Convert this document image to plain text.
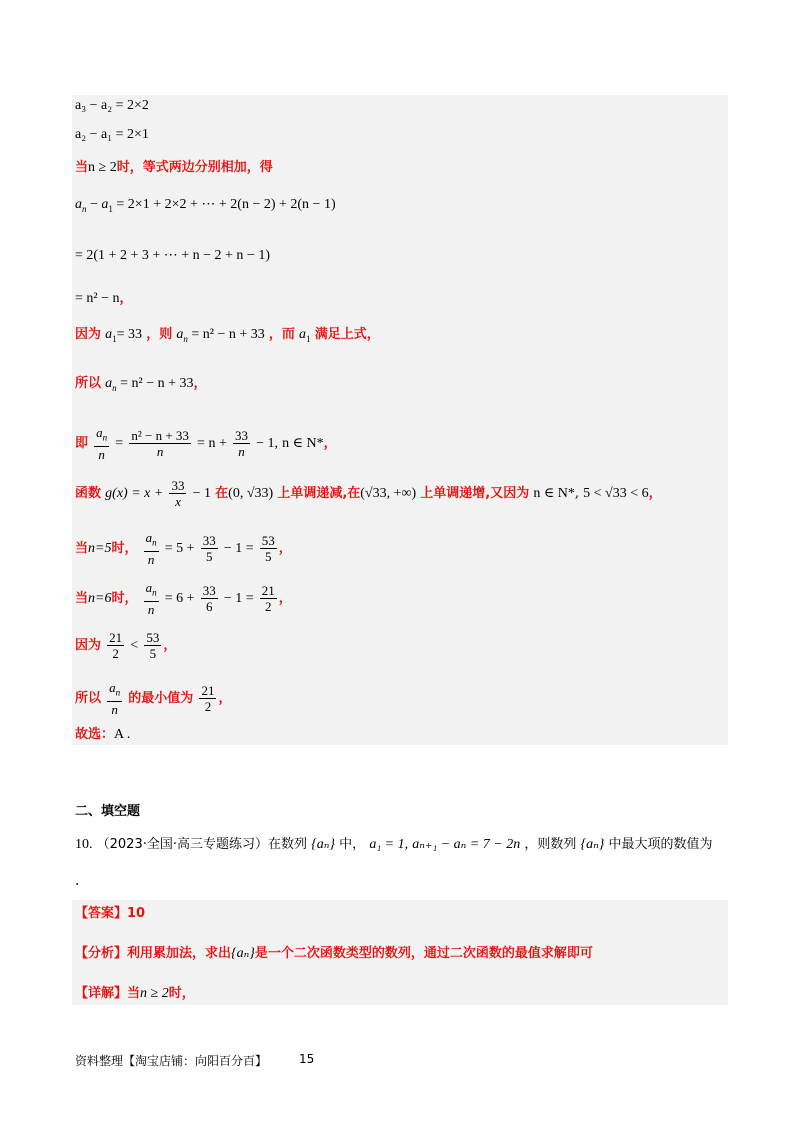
a₃ − a₂ = 2×2
a₂ − a₁ = 2×1
当n ≥ 2时，等式两边分别相加，得
$a_n - a_1 = 2\times 1 + 2\times 2$ + ⋯ + 2(n − 2) + 2(n − 1)
= 2(1 + 2 + 3 + ⋯ + n − 2 + n − 1)
= n² − n，
因为 $a_1= 33$ ，则 $a_n = n^2 - n + 33$ ，而 $a_1$ 满足上式，
所以 $a_n = n^2 - n + 33$，
即 $\frac{a_n}{n} = \frac{\text{n² − n + 33}}{n} = n + \frac{33}{n} - 1$, n ∈ N*，
函数 $g(x) = x + \frac{33}{x} - 1$ 在(0, √33) 上单调递减,在(√33, +∞) 上单调递增,又因为 n ∈ N*, 5 < √33 < 6，
当n=5时， $\frac{a_n}{n} = 5 + \frac{33}{5} - 1 = \frac{53}{5}$ ，
当n=6时， $\frac{a_n}{n} = 6 + \frac{33}{6} - 1 = \frac{21}{2}$ ，
因为 $\frac{21}{2} < \frac{53}{5}$ ，
所以 $\frac{a_n}{n}$ 的最小值为 $\frac{21}{2}$ ，
故选：A .
二、填空题
10. （2023·全国·高三专题练习）在数列 {aₙ} 中， a₁ = 1, aₙ₊₁ − aₙ = 7 − 2n ，则数列 {aₙ} 中最大项的数值为
.
【答案】10
【分析】利用累加法，求出{aₙ}是一个二次函数类型的数列，通过二次函数的最值求解即可
【详解】当n ≥ 2时，
资料整理【淘宝店铺：向阳百分百】	15
